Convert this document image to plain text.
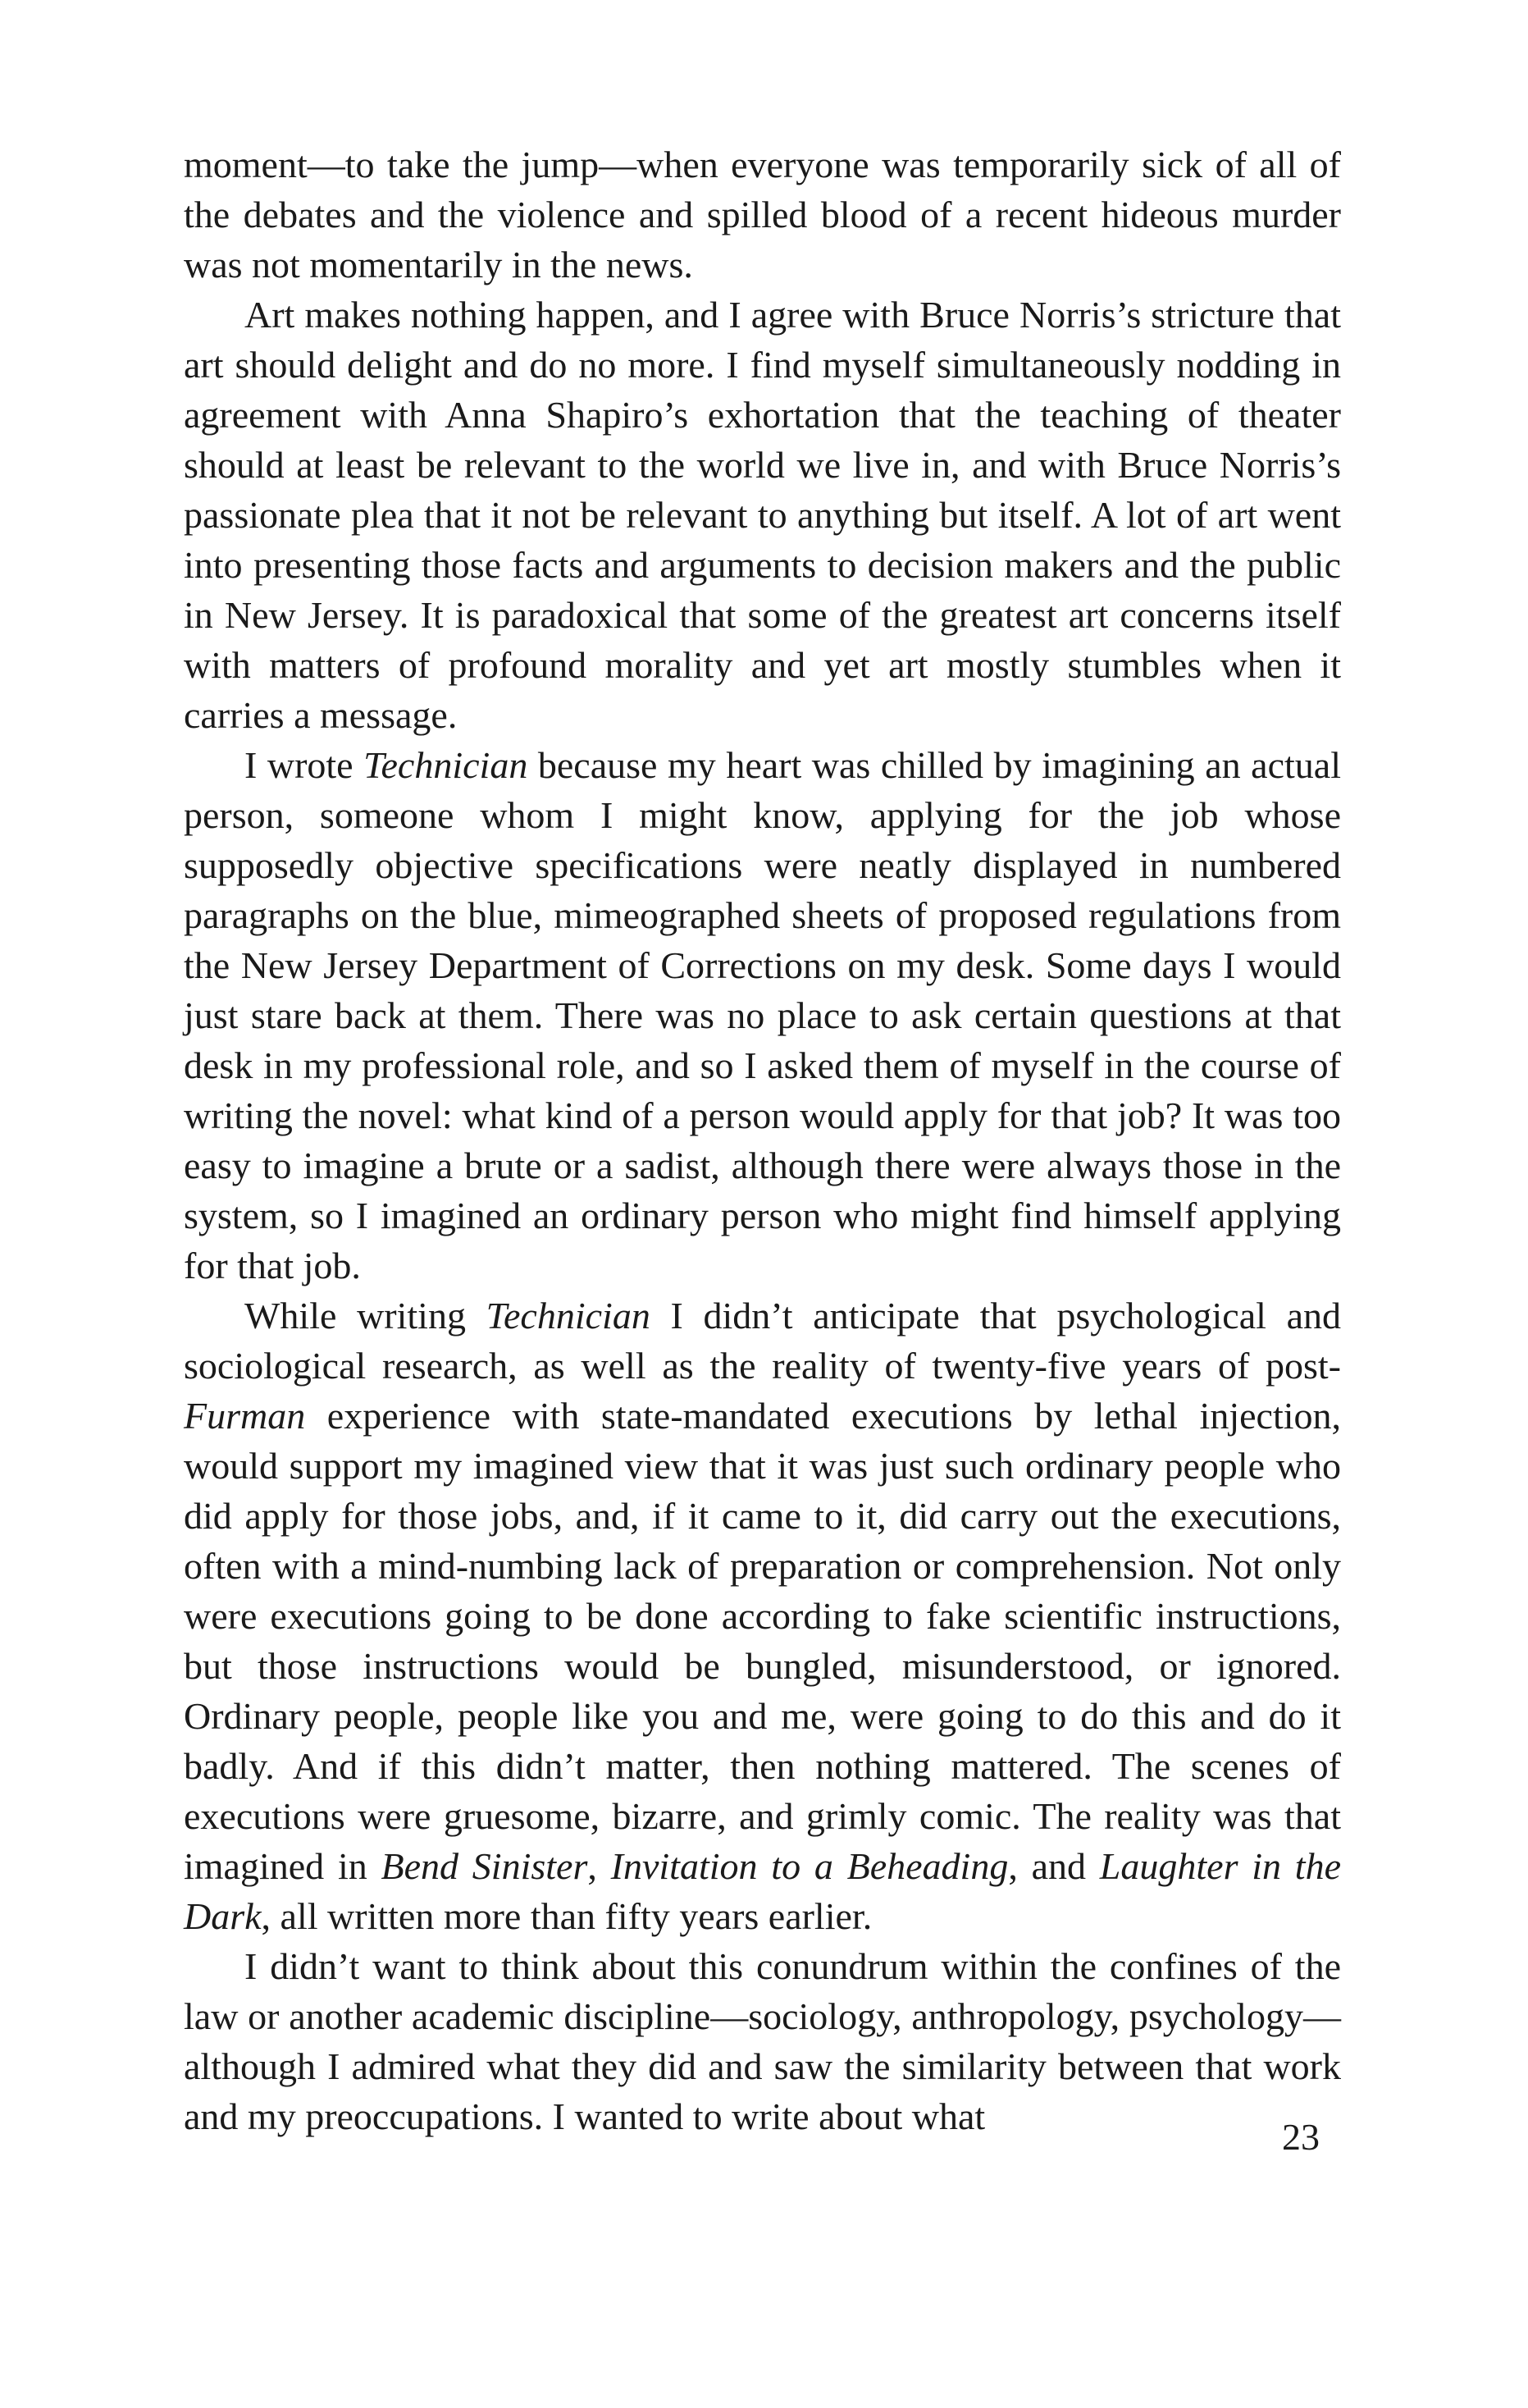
moment—to take the jump—when everyone was temporarily sick of all of the debates and the violence and spilled blood of a recent hideous murder was not momentarily in the news.

Art makes nothing happen, and I agree with Bruce Norris’s stricture that art should delight and do no more. I find myself simultaneously nodding in agreement with Anna Shapiro’s exhortation that the teaching of theater should at least be relevant to the world we live in, and with Bruce Norris’s passionate plea that it not be relevant to anything but itself. A lot of art went into presenting those facts and arguments to decision makers and the public in New Jersey. It is paradoxical that some of the greatest art concerns itself with matters of profound morality and yet art mostly stumbles when it carries a message.

I wrote Technician because my heart was chilled by imagining an actual person, someone whom I might know, applying for the job whose supposedly objective specifications were neatly displayed in numbered paragraphs on the blue, mimeographed sheets of proposed regulations from the New Jersey Department of Corrections on my desk. Some days I would just stare back at them. There was no place to ask certain questions at that desk in my professional role, and so I asked them of myself in the course of writing the novel: what kind of a person would apply for that job? It was too easy to imagine a brute or a sadist, although there were always those in the system, so I imagined an ordinary person who might find himself applying for that job.

While writing Technician I didn’t anticipate that psychological and sociological research, as well as the reality of twenty-five years of post-Furman experience with state-mandated executions by lethal injection, would support my imagined view that it was just such ordinary people who did apply for those jobs, and, if it came to it, did carry out the executions, often with a mind-numbing lack of preparation or comprehension. Not only were executions going to be done according to fake scientific instructions, but those instructions would be bungled, misunderstood, or ignored. Ordinary people, people like you and me, were going to do this and do it badly. And if this didn’t matter, then nothing mattered. The scenes of executions were gruesome, bizarre, and grimly comic. The reality was that imagined in Bend Sinister, Invitation to a Beheading, and Laughter in the Dark, all written more than fifty years earlier.

I didn’t want to think about this conundrum within the confines of the law or another academic discipline—sociology, anthropology, psychology—although I admired what they did and saw the similarity between that work and my preoccupations. I wanted to write about what	23
